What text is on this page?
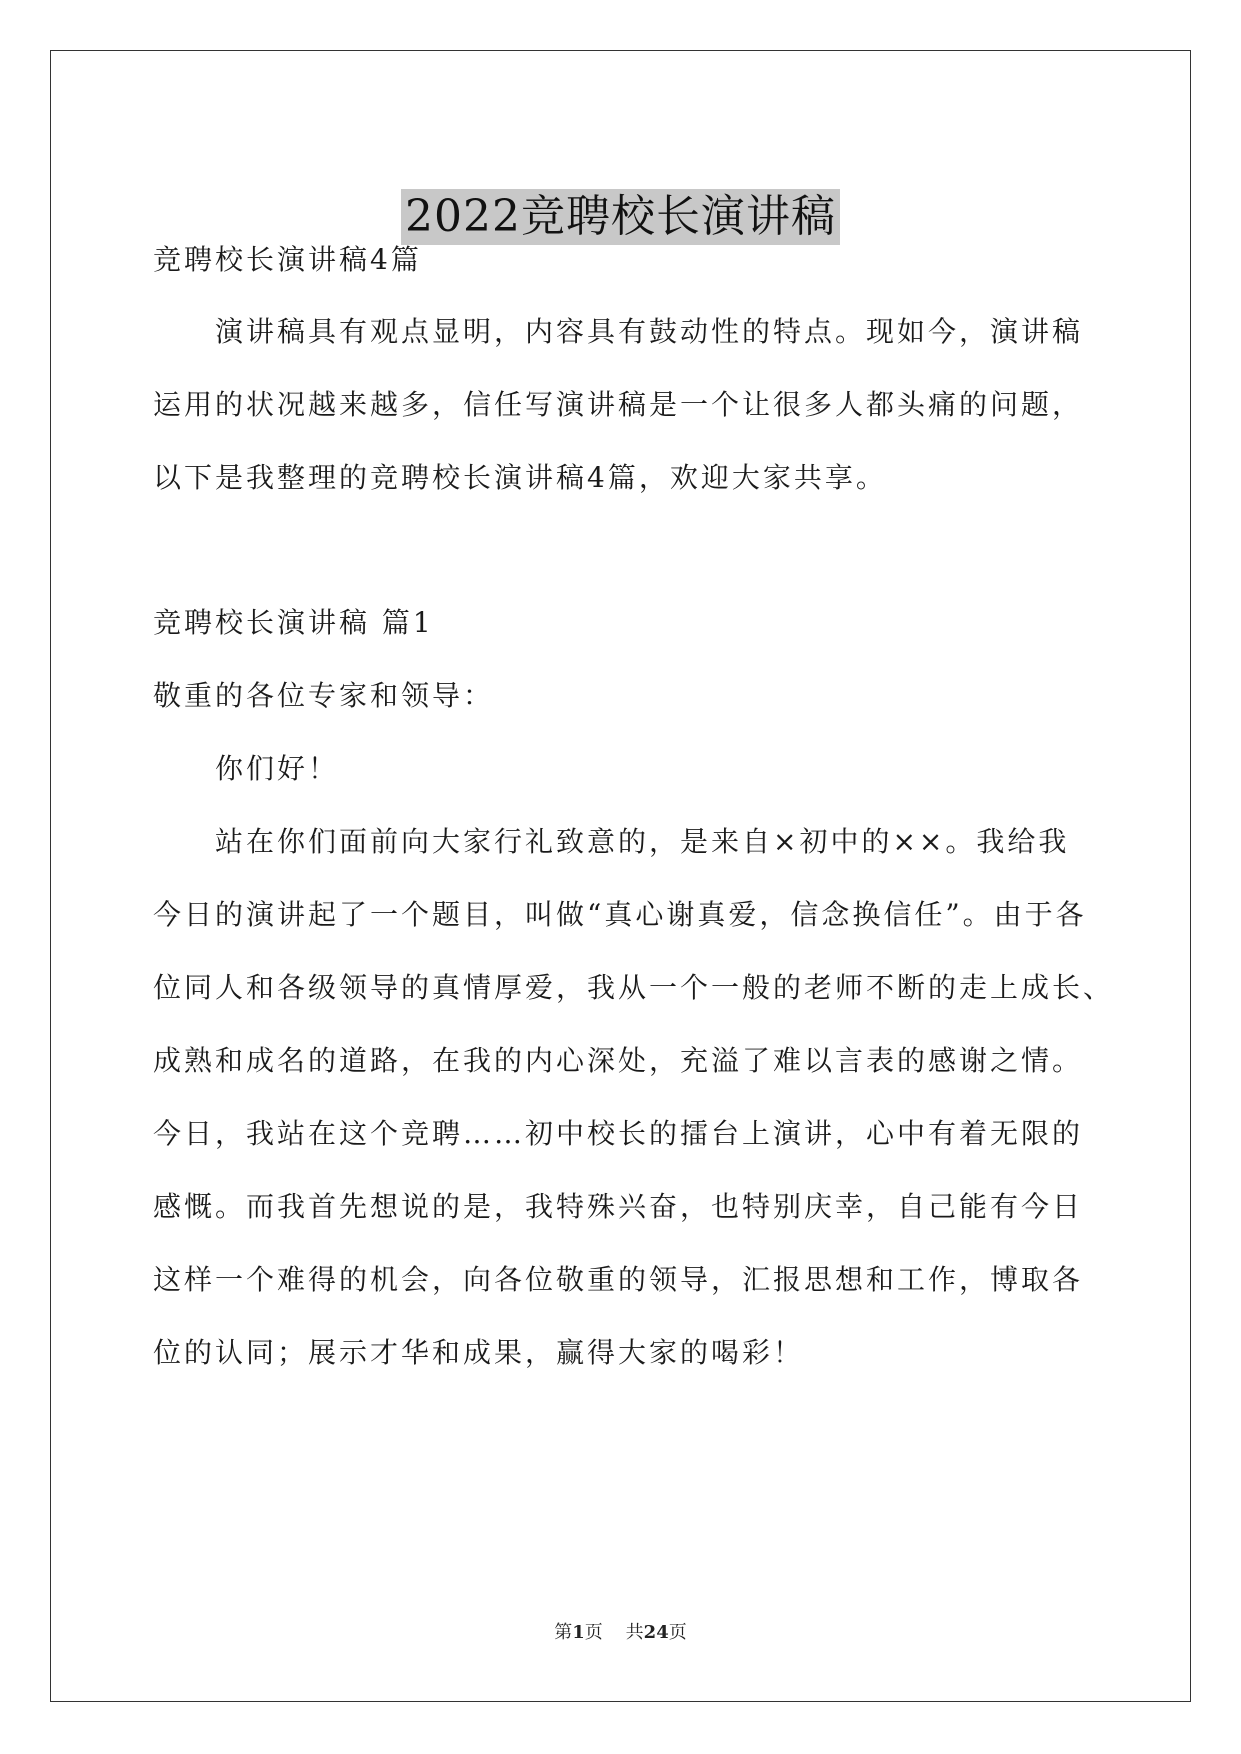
2022竞聘校长演讲稿

竞聘校长演讲稿4篇

演讲稿具有观点显明，内容具有鼓动性的特点。现如今，演讲稿

运用的状况越来越多，信任写演讲稿是一个让很多人都头痛的问题，

以下是我整理的竞聘校长演讲稿4篇，欢迎大家共享。

竞聘校长演讲稿 篇1

敬重的各位专家和领导：

你们好！

站在你们面前向大家行礼致意的，是来自×初中的××。我给我

今日的演讲起了一个题目，叫做“真心谢真爱，信念换信任”。由于各

位同人和各级领导的真情厚爱，我从一个一般的老师不断的走上成长、

成熟和成名的道路，在我的内心深处，充溢了难以言表的感谢之情。

今日，我站在这个竞聘……初中校长的擂台上演讲，心中有着无限的

感慨。而我首先想说的是，我特殊兴奋，也特别庆幸，自己能有今日

这样一个难得的机会，向各位敬重的领导，汇报思想和工作，博取各

位的认同；展示才华和成果，赢得大家的喝彩！

第1页 共24页
